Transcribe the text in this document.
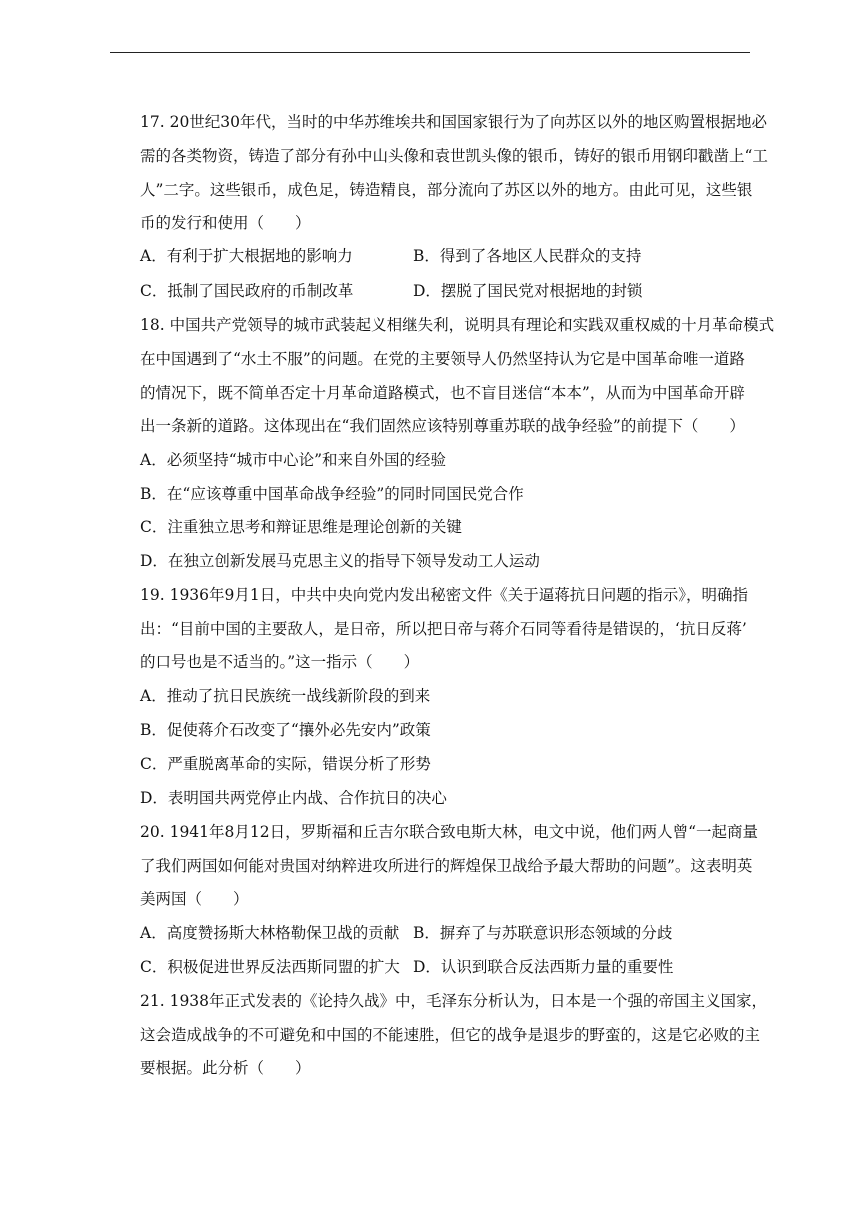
17. 20世纪30年代，当时的中华苏维埃共和国国家银行为了向苏区以外的地区购置根据地必
需的各类物资，铸造了部分有孙中山头像和袁世凯头像的银币，铸好的银币用钢印戳凿上“工
人”二字。这些银币，成色足，铸造精良，部分流向了苏区以外的地方。由此可见，这些银
币的发行和使用（　　）
A．有利于扩大根据地的影响力	B．得到了各地区人民群众的支持
C．抵制了国民政府的币制改革	D．摆脱了国民党对根据地的封锁
18. 中国共产党领导的城市武装起义相继失利，说明具有理论和实践双重权威的十月革命模式
在中国遇到了“水土不服”的问题。在党的主要领导人仍然坚持认为它是中国革命唯一道路
的情况下，既不简单否定十月革命道路模式，也不盲目迷信“本本”，从而为中国革命开辟
出一条新的道路。这体现出在“我们固然应该特别尊重苏联的战争经验”的前提下（　　）
A．必须坚持“城市中心论”和来自外国的经验
B．在“应该尊重中国革命战争经验”的同时同国民党合作
C．注重独立思考和辩证思维是理论创新的关键
D．在独立创新发展马克思主义的指导下领导发动工人运动
19. 1936年9月1日，中共中央向党内发出秘密文件《关于逼蒋抗日问题的指示》，明确指
出：“目前中国的主要敌人，是日帝，所以把日帝与蒋介石同等看待是错误的，‘抗日反蒋’
的口号也是不适当的。”这一指示（　　）
A．推动了抗日民族统一战线新阶段的到来
B．促使蒋介石改变了“攘外必先安内”政策
C．严重脱离革命的实际，错误分析了形势
D．表明国共两党停止内战、合作抗日的决心
20. 1941年8月12日，罗斯福和丘吉尔联合致电斯大林，电文中说，他们两人曾“一起商量
了我们两国如何能对贵国对纳粹进攻所进行的辉煌保卫战给予最大帮助的问题”。这表明英
美两国（　　）
A．高度赞扬斯大林格勒保卫战的贡献 B．摒弃了与苏联意识形态领域的分歧
C．积极促进世界反法西斯同盟的扩大 D．认识到联合反法西斯力量的重要性
21. 1938年正式发表的《论持久战》中，毛泽东分析认为，日本是一个强的帝国主义国家，
这会造成战争的不可避免和中国的不能速胜，但它的战争是退步的野蛮的，这是它必败的主
要根据。此分析（　　）
